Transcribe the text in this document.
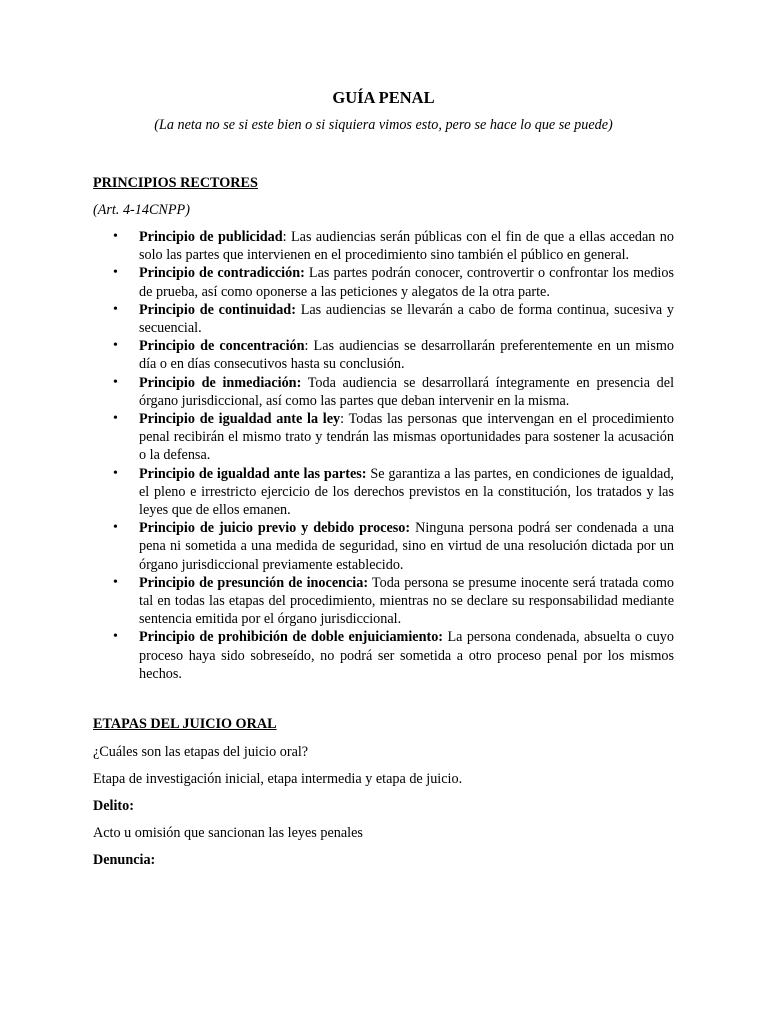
GUÍA PENAL

(La neta no se si este bien o si siquiera vimos esto, pero se hace lo que se puede)

PRINCIPIOS RECTORES

(Art. 4-14CNPP)

• Principio de publicidad: Las audiencias serán públicas con el fin de que a ellas accedan no solo las partes que intervienen en el procedimiento sino también el público en general.
• Principio de contradicción: Las partes podrán conocer, controvertir o confrontar los medios de prueba, así como oponerse a las peticiones y alegatos de la otra parte.
• Principio de continuidad: Las audiencias se llevarán a cabo de forma continua, sucesiva y secuencial.
• Principio de concentración: Las audiencias se desarrollarán preferentemente en un mismo día o en días consecutivos hasta su conclusión.
• Principio de inmediación: Toda audiencia se desarrollará íntegramente en presencia del órgano jurisdiccional, así como las partes que deban intervenir en la misma.
• Principio de igualdad ante la ley: Todas las personas que intervengan en el procedimiento penal recibirán el mismo trato y tendrán las mismas oportunidades para sostener la acusación o la defensa.
• Principio de igualdad ante las partes: Se garantiza a las partes, en condiciones de igualdad, el pleno e irrestricto ejercicio de los derechos previstos en la constitución, los tratados y las leyes que de ellos emanen.
• Principio de juicio previo y debido proceso: Ninguna persona podrá ser condenada a una pena ni sometida a una medida de seguridad, sino en virtud de una resolución dictada por un órgano jurisdiccional previamente establecido.
• Principio de presunción de inocencia: Toda persona se presume inocente será tratada como tal en todas las etapas del procedimiento, mientras no se declare su responsabilidad mediante sentencia emitida por el órgano jurisdiccional.
• Principio de prohibición de doble enjuiciamiento: La persona condenada, absuelta o cuyo proceso haya sido sobreseído, no podrá ser sometida a otro proceso penal por los mismos hechos.
ETAPAS DEL JUICIO ORAL

¿Cuáles son las etapas del juicio oral?

Etapa de investigación inicial, etapa intermedia y etapa de juicio.

Delito:

Acto u omisión que sancionan las leyes penales

Denuncia:
